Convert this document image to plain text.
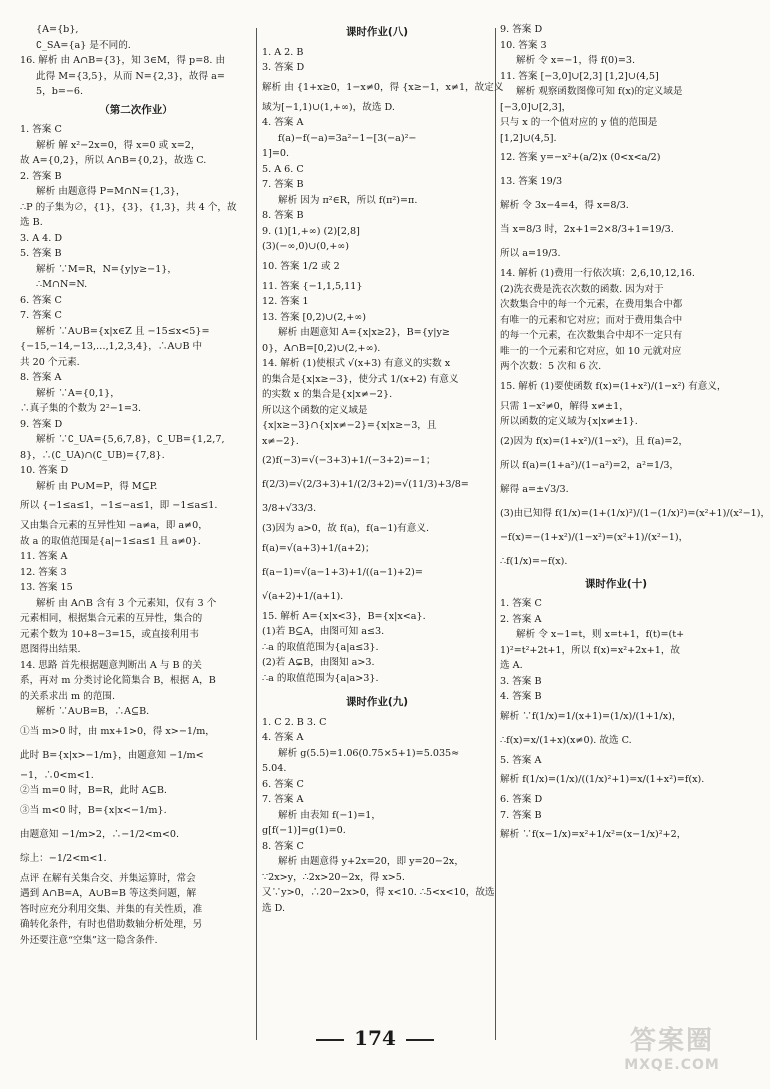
{A={b},
∁_SA={a} 是不同的.
16. 解析 由 A∩B={3}，知 3∈M，得 p=8. 由
此得 M={3,5}，从而 N={2,3}，故得 a=
5，b=−6.
（第二次作业）
1. 答案 C
解析 解 x²−2x=0，得 x=0 或 x=2，
故 A={0,2}，所以 A∩B={0,2}，故选 C.
2. 答案 B
解析 由题意得 P=M∩N={1,3}，
∴P 的子集为∅，{1}，{3}，{1,3}，共 4 个，故
选 B.
3. A 4. D
5. 答案 B
解析 ∵M=R，N={y|y≥−1}，
∴M∩N=N.
6. 答案 C
7. 答案 C
解析 ∵A∪B={x|x∈Z 且 −15≤x<5}=
{−15,−14,−13,…,1,2,3,4}，∴A∪B 中
共 20 个元素.
8. 答案 A
解析 ∵A={0,1}，
∴真子集的个数为 2²−1=3.
9. 答案 D
解析 ∵∁_UA={5,6,7,8}，∁_UB={1,2,7,
8}，∴(∁_UA)∩(∁_UB)={7,8}.
10. 答案 D
解析 由 P∪M=P，得 M⊆P.
所以 {−1≤a≤1，−1≤−a≤1，即 −1≤a≤1.
又由集合元素的互异性知 −a≠a，即 a≠0，
故 a 的取值范围是{a|−1≤a≤1 且 a≠0}.
11. 答案 A
12. 答案 3
13. 答案 15
解析 由 A∩B 含有 3 个元素知，仅有 3 个
元素相同，根据集合元素的互异性，集合的
元素个数为 10+8−3=15，或直接利用韦
恩图得出结果.
14. 思路 首先根据题意判断出 A 与 B 的关
系，再对 m 分类讨论化简集合 B，根据 A，B
的关系求出 m 的范围.
解析 ∵A∪B=B，∴A⊆B.
①当 m>0 时，由 mx+1>0，得 x>−1/m，
此时 B={x|x>−1/m}，由题意知 −1/m<
−1，∴0<m<1.
②当 m=0 时，B=R，此时 A⊆B.
③当 m<0 时，B={x|x<−1/m}.
由题意知 −1/m>2，∴−1/2<m<0.
综上：−1/2<m<1.
点评 在解有关集合交、并集运算时，常会
遇到 A∩B=A，A∪B=B 等这类问题，解
答时应充分利用交集、并集的有关性质，准
确转化条件，有时也借助数轴分析处理，另
外还要注意“空集”这一隐含条件.
课时作业(八)
1. A 2. B
3. 答案 D
解析 由 {1+x≥0，1−x≠0，得 {x≥−1，x≠1，故定义
域为[−1,1)∪(1,+∞)，故选 D.
4. 答案 A
f(a)−f(−a)=3a²−1−[3(−a)²−
1]=0.
5. A 6. C
7. 答案 B
解析 因为 π²∈R，所以 f(π²)=π.
8. 答案 B
9. (1)[1,+∞) (2)[2,8]
(3)(−∞,0)∪(0,+∞)
10. 答案 1/2 或 2
11. 答案 {−1,1,5,11}
12. 答案 1
13. 答案 [0,2)∪(2,+∞)
解析 由题意知 A={x|x≥2}，B={y|y≥
0}，A∩B=[0,2)∪(2,+∞).
14. 解析 (1)使根式 √(x+3) 有意义的实数 x
的集合是{x|x≥−3}，使分式 1/(x+2) 有意义
的实数 x 的集合是{x|x≠−2}.
所以这个函数的定义域是
{x|x≥−3}∩{x|x≠−2}={x|x≥−3，且
x≠−2}.
(2)f(−3)=√(−3+3)+1/(−3+2)=−1；
f(2/3)=√(2/3+3)+1/(2/3+2)=√(11/3)+3/8=
3/8+√33/3.
(3)因为 a>0，故 f(a)，f(a−1)有意义.
f(a)=√(a+3)+1/(a+2)；
f(a−1)=√(a−1+3)+1/((a−1)+2)=
√(a+2)+1/(a+1).
15. 解析 A={x|x<3}，B={x|x<a}.
(1)若 B⊆A，由图可知 a≤3.
∴a 的取值范围为{a|a≤3}.
(2)若 A⊊B，由图知 a>3.
∴a 的取值范围为{a|a>3}.
课时作业(九)
1. C 2. B 3. C
4. 答案 A
解析 g(5.5)=1.06(0.75×5+1)=5.035≈
5.04.
6. 答案 C
7. 答案 A
解析 由表知 f(−1)=1，
g[f(−1)]=g(1)=0.
8. 答案 C
解析 由题意得 y+2x=20，即 y=20−2x，
∵2x>y，∴2x>20−2x，得 x>5.
又∵y>0，∴20−2x>0，得 x<10. ∴5<x<10，故选
选 D.
9. 答案 D
10. 答案 3
解析 令 x=−1，得 f(0)=3.
11. 答案 [−3,0]∪[2,3] [1,2]∪(4,5]
解析 观察函数图像可知 f(x)的定义域是
[−3,0]∪[2,3]，
只与 x 的一个值对应的 y 值的范围是
[1,2]∪(4,5].
12. 答案 y=−x²+(a/2)x (0<x<a/2)
13. 答案 19/3
解析 令 3x−4=4，得 x=8/3.
当 x=8/3 时，2x+1=2×8/3+1=19/3.
所以 a=19/3.
14. 解析 (1)费用一行依次填：2,6,10,12,16.
(2)洗衣费是洗衣次数的函数. 因为对于
次数集合中的每一个元素，在费用集合中都
有唯一的元素和它对应；而对于费用集合中
的每一个元素，在次数集合中却不一定只有
唯一的一个元素和它对应，如 10 元就对应
两个次数：5 次和 6 次.
15. 解析 (1)要使函数 f(x)=(1+x²)/(1−x²) 有意义，
只需 1−x²≠0，解得 x≠±1，
所以函数的定义域为{x|x≠±1}.
(2)因为 f(x)=(1+x²)/(1−x²)，且 f(a)=2，
所以 f(a)=(1+a²)/(1−a²)=2，a²=1/3，
解得 a=±√3/3.
(3)由已知得 f(1/x)=(1+(1/x)²)/(1−(1/x)²)=(x²+1)/(x²−1)，
−f(x)=−(1+x²)/(1−x²)=(x²+1)/(x²−1)，
∴f(1/x)=−f(x).
课时作业(十)
1. 答案 C
2. 答案 A
解析 令 x−1=t，则 x=t+1，f(t)=(t+
1)²=t²+2t+1，所以 f(x)=x²+2x+1，故
选 A.
3. 答案 B
4. 答案 B
解析 ∵f(1/x)=1/(x+1)=(1/x)/(1+1/x)，
∴f(x)=x/(1+x)(x≠0). 故选 C.
5. 答案 A
解析 f(1/x)=(1/x)/((1/x)²+1)=x/(1+x²)=f(x).
6. 答案 D
7. 答案 B
解析 ∵f(x−1/x)=x²+1/x²=(x−1/x)²+2，
174	答案圈
MXQE.COM
